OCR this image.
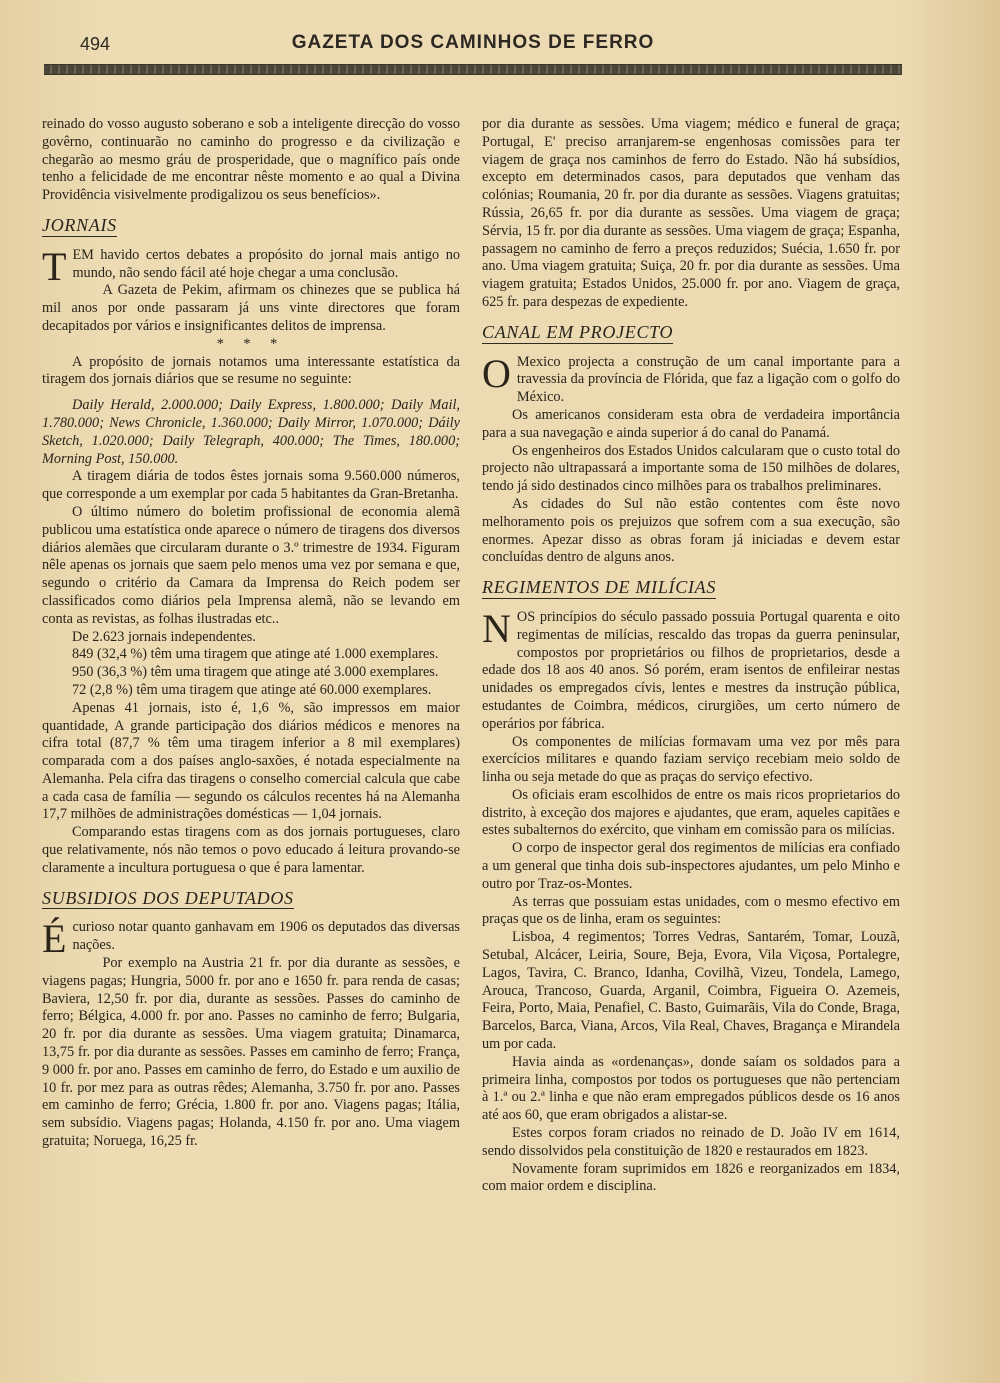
494	GAZETA DOS CAMINHOS DE FERRO

reinado do vosso augusto soberano e sob a inteligente direcção do vosso govêrno, continuarão no caminho do progresso e da civilização e chegarão ao mesmo gráu de prosperidade, que o magnífico país onde tenho a felicidade de me encontrar nêste momento e ao qual a Divina Providência visivelmente prodigalizou os seus benefícios».

JORNAIS

TEM havido certos debates a propósito do jornal mais antigo no mundo, não sendo fácil até hoje chegar a uma conclusão.

A Gazeta de Pekim, afirmam os chinezes que se publica há mil anos por onde passaram já uns vinte directores que foram decapitados por vários e insignificantes delitos de imprensa.

* * *

A propósito de jornais notamos uma interessante estatística da tiragem dos jornais diários que se resume no seguinte:

Daily Herald, 2.000.000; Daily Express, 1.800.000; Daily Mail, 1.780.000; News Chronicle, 1.360.000; Daily Mirror, 1.070.000; Dáily Sketch, 1.020.000; Daily Telegraph, 400.000; The Times, 180.000; Morning Post, 150.000.

A tiragem diária de todos êstes jornais soma 9.560.000 números, que corresponde a um exemplar por cada 5 habitantes da Gran-Bretanha.

O último número do boletim profissional de economia alemã publicou uma estatística onde aparece o número de tiragens dos diversos diários alemães que circularam durante o 3.º trimestre de 1934. Figuram nêle apenas os jornais que saem pelo menos uma vez por semana e que, segundo o critério da Camara da Imprensa do Reich podem ser classificados como diários pela Imprensa alemã, não se levando em conta as revistas, as folhas ilustradas etc..

De 2.623 jornais independentes.

849 (32,4 %) têm uma tiragem que atinge até 1.000 exemplares.

950 (36,3 %) têm uma tiragem que atinge até 3.000 exemplares.

72 (2,8 %) têm uma tiragem que atinge até 60.000 exemplares.

Apenas 41 jornais, isto é, 1,6 %, são impressos em maior quantidade, A grande participação dos diários médicos e menores na cifra total (87,7 % têm uma tiragem inferior a 8 mil exemplares) comparada com a dos países anglo-saxões, é notada especialmente na Alemanha. Pela cifra das tiragens o conselho comercial calcula que cabe a cada casa de família — segundo os cálculos recentes há na Alemanha 17,7 milhões de administrações domésticas — 1,04 jornais.

Comparando estas tiragens com as dos jornais portugueses, claro que relativamente, nós não temos o povo educado á leitura provando-se claramente a incultura portuguesa o que é para lamentar.

SUBSIDIOS DOS DEPUTADOS

Écurioso notar quanto ganhavam em 1906 os deputados das diversas nações.

Por exemplo na Austria 21 fr. por dia durante as sessões, e viagens pagas; Hungria, 5000 fr. por ano e 1650 fr. para renda de casas; Baviera, 12,50 fr. por dia, durante as sessões. Passes do caminho de ferro; Bélgica, 4.000 fr. por ano. Passes no caminho de ferro; Bulgaria, 20 fr. por dia durante as sessões. Uma viagem gratuita; Dinamarca, 13,75 fr. por dia durante as sessões. Passes em caminho de ferro; França, 9 000 fr. por ano. Passes em caminho de ferro, do Estado e um auxilio de 10 fr. por mez para as outras rêdes; Alemanha, 3.750 fr. por ano. Passes em caminho de ferro; Grécia, 1.800 fr. por ano. Viagens pagas; Itália, sem subsídio. Viagens pagas; Holanda, 4.150 fr. por ano. Uma viagem gratuita; Noruega, 16,25 fr.

por dia durante as sessões. Uma viagem; médico e funeral de graça; Portugal, E' preciso arranjarem-se engenhosas comissões para ter viagem de graça nos caminhos de ferro do Estado. Não há subsídios, excepto em determinados casos, para deputados que venham das colónias; Roumania, 20 fr. por dia durante as sessões. Viagens gratuitas; Rússia, 26,65 fr. por dia durante as sessões. Uma viagem de graça; Sérvia, 15 fr. por dia durante as sessões. Uma viagem de graça; Espanha, passagem no caminho de ferro a preços reduzidos; Suécia, 1.650 fr. por ano. Uma viagem gratuita; Suiça, 20 fr. por dia durante as sessões. Uma viagem gratuita; Estados Unidos, 25.000 fr. por ano. Viagem de graça, 625 fr. para despezas de expediente.

CANAL EM PROJECTO

O Mexico projecta a construção de um canal importante para a travessia da província de Flórida, que faz a ligação com o golfo do México.

Os americanos consideram esta obra de verdadeira importância para a sua navegação e ainda superior á do canal do Panamá.

Os engenheiros dos Estados Unidos calcularam que o custo total do projecto não ultrapassará a importante soma de 150 milhões de dolares, tendo já sido destinados cinco milhões para os trabalhos preliminares.

As cidades do Sul não estão contentes com êste novo melhoramento pois os prejuizos que sofrem com a sua execução, são enormes. Apezar disso as obras foram já iniciadas e devem estar concluídas dentro de alguns anos.

REGIMENTOS DE MILÍCIAS

NOS princípios do século passado possuia Portugal quarenta e oito regimentas de milícias, rescaldo das tropas da guerra peninsular, compostos por proprietários ou filhos de proprietarios, desde a edade dos 18 aos 40 anos. Só porém, eram isentos de enfileirar nestas unidades os empregados cívis, lentes e mestres da instrução pública, estudantes de Coimbra, médicos, cirurgiões, um certo número de operários por fábrica.

Os componentes de milícias formavam uma vez por mês para exercícios militares e quando faziam serviço recebiam meio soldo de linha ou seja metade do que as praças do serviço efectivo.

Os oficiais eram escolhidos de entre os mais ricos proprietarios do distrito, à exceção dos majores e ajudantes, que eram, aqueles capitães e estes subalternos do exército, que vinham em comissão para os milícias.

O corpo de inspector geral dos regimentos de milícias era confiado a um general que tinha dois sub-inspectores ajudantes, um pelo Minho e outro por Traz-os-Montes.

As terras que possuiam estas unidades, com o mesmo efectivo em praças que os de linha, eram os seguintes:

Lisboa, 4 regimentos; Torres Vedras, Santarém, Tomar, Louzã, Setubal, Alcácer, Leiria, Soure, Beja, Evora, Vila Viçosa, Portalegre, Lagos, Tavira, C. Branco, Idanha, Covilhã, Vizeu, Tondela, Lamego, Arouca, Trancoso, Guarda, Arganil, Coimbra, Figueira O. Azemeis, Feira, Porto, Maia, Penafiel, C. Basto, Guimarãis, Vila do Conde, Braga, Barcelos, Barca, Viana, Arcos, Vila Real, Chaves, Bragança e Mirandela um por cada.

Havia ainda as «ordenanças», donde saíam os soldados para a primeira linha, compostos por todos os portugueses que não pertenciam à 1.ª ou 2.ª linha e que não eram empregados públicos desde os 16 anos até aos 60, que eram obrigados a alistar-se.

Estes corpos foram criados no reinado de D. João IV em 1614, sendo dissolvidos pela constituição de 1820 e restaurados em 1823.

Novamente foram suprimidos em 1826 e reorganizados em 1834, com maior ordem e disciplina.
